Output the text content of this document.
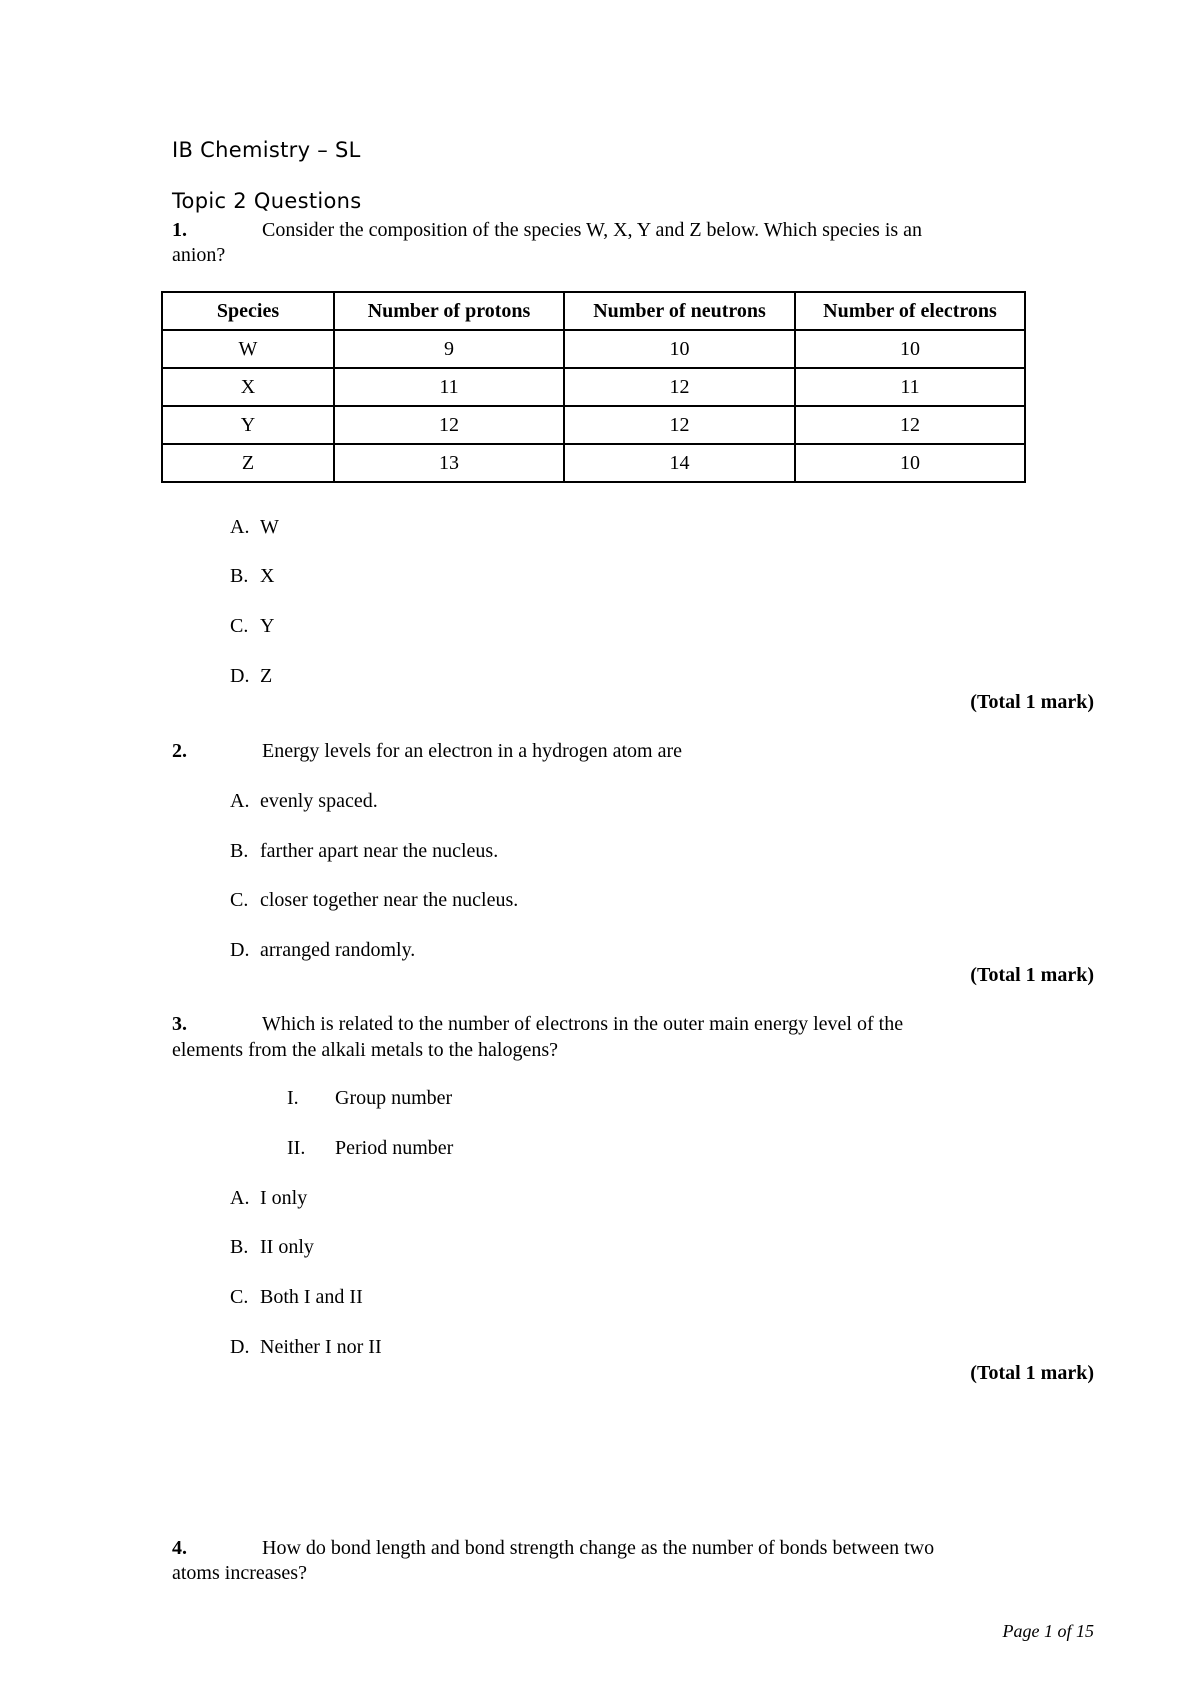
IB Chemistry – SL
Topic 2 Questions
1.	Consider the composition of the species W, X, Y and Z below. Which species is an
anion?
Species	Number of protons	Number of neutrons	Number of electrons
W	9	10	10
X	11	12	11
Y	12	12	12
Z	13	14	10
A. W
B. X
C. Y
D. Z
(Total 1 mark)
2.	Energy levels for an electron in a hydrogen atom are
A. evenly spaced.
B. farther apart near the nucleus.
C. closer together near the nucleus.
D. arranged randomly.
(Total 1 mark)
3.	Which is related to the number of electrons in the outer main energy level of the
elements from the alkali metals to the halogens?
I. Group number
II. Period number
A. I only
B. II only
C. Both I and II
D. Neither I nor II
(Total 1 mark)
4.	How do bond length and bond strength change as the number of bonds between two
atoms increases?
Page 1 of 15
